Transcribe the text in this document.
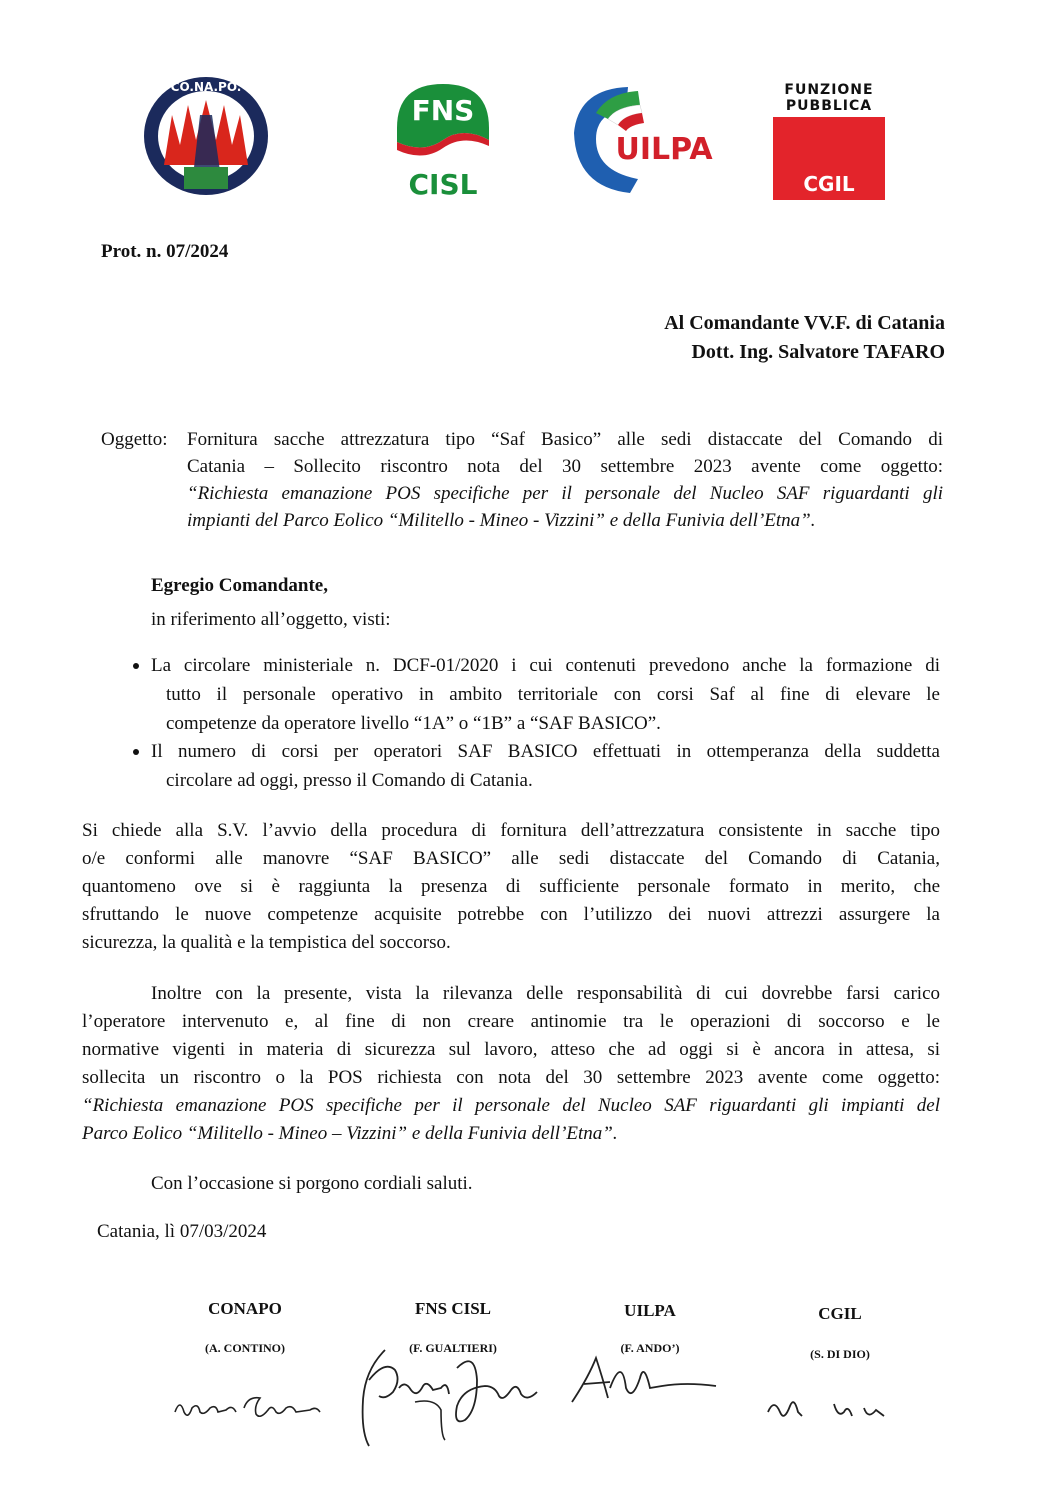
CO.NA.PO.
FNS
CISL
UILPA
FUNZIONE
PUBBLICA
CGIL
Prot. n. 07/2024
Al Comandante VV.F. di Catania
Dott. Ing. Salvatore TAFARO
Oggetto: Fornitura sacche attrezzatura tipo “Saf Basico” alle sedi distaccate del Comando di
Catania – Sollecito riscontro nota del 30 settembre 2023 avente come oggetto:
“Richiesta emanazione POS specifiche per il personale del Nucleo SAF riguardanti gli
impianti del Parco Eolico “Militello - Mineo - Vizzini” e della Funivia dell’Etna”.
Egregio Comandante,
in riferimento all’oggetto, visti:
La circolare ministeriale n. DCF-01/2020 i cui contenuti prevedono anche la formazione di
tutto il personale operativo in ambito territoriale con corsi Saf al fine di elevare le
competenze da operatore livello “1A” o “1B” a “SAF BASICO”.
Il numero di corsi per operatori SAF BASICO effettuati in ottemperanza della suddetta
circolare ad oggi, presso il Comando di Catania.
Si chiede alla S.V. l’avvio della procedura di fornitura dell’attrezzatura consistente in sacche tipo
o/e conformi alle manovre “SAF BASICO” alle sedi distaccate del Comando di Catania,
quantomeno ove si è raggiunta la presenza di sufficiente personale formato in merito, che
sfruttando le nuove competenze acquisite potrebbe con l’utilizzo dei nuovi attrezzi assurgere la
sicurezza, la qualità e la tempistica del soccorso.
Inoltre con la presente, vista la rilevanza delle responsabilità di cui dovrebbe farsi carico
l’operatore intervenuto e, al fine di non creare antinomie tra le operazioni di soccorso e le
normative vigenti in materia di sicurezza sul lavoro, atteso che ad oggi si è ancora in attesa, si
sollecita un riscontro o la POS richiesta con nota del 30 settembre 2023 avente come oggetto:
“Richiesta emanazione POS specifiche per il personale del Nucleo SAF riguardanti gli impianti del
Parco Eolico “Militello - Mineo – Vizzini” e della Funivia dell’Etna”.
Con l’occasione si porgono cordiali saluti.
Catania, lì 07/03/2024
CONAPO
(A. CONTINO)
FNS CISL
(F. GUALTIERI)
UILPA
(F. ANDO’)
CGIL
(S. DI DIO)
